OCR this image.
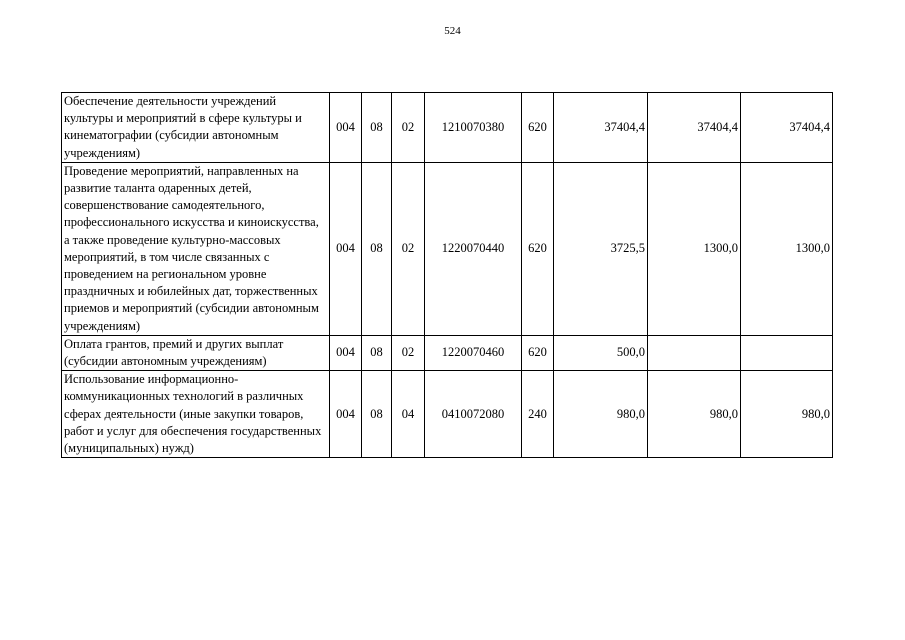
524
Обеспечение деятельности учреждений культуры и мероприятий в сфере культуры и кинематографии (субсидии автономным учреждениям)	004	08	02	1210070380	620	37404,4	37404,4	37404,4
Проведение мероприятий, направленных на развитие таланта одаренных детей, совершенствование самодеятельного, профессионального искусства и киноискусства, а также проведение культурно-массовых мероприятий, в том числе связанных с проведением на региональном уровне праздничных и юбилейных дат, торжественных приемов и мероприятий (субсидии автономным учреждениям)	004	08	02	1220070440	620	3725,5	1300,0	1300,0
Оплата грантов, премий и других выплат (субсидии автономным учреждениям)	004	08	02	1220070460	620	500,0		
Использование информационно-коммуникационных технологий в различных сферах деятельности (иные закупки товаров, работ и услуг для обеспечения государственных (муниципальных) нужд)	004	08	04	0410072080	240	980,0	980,0	980,0
